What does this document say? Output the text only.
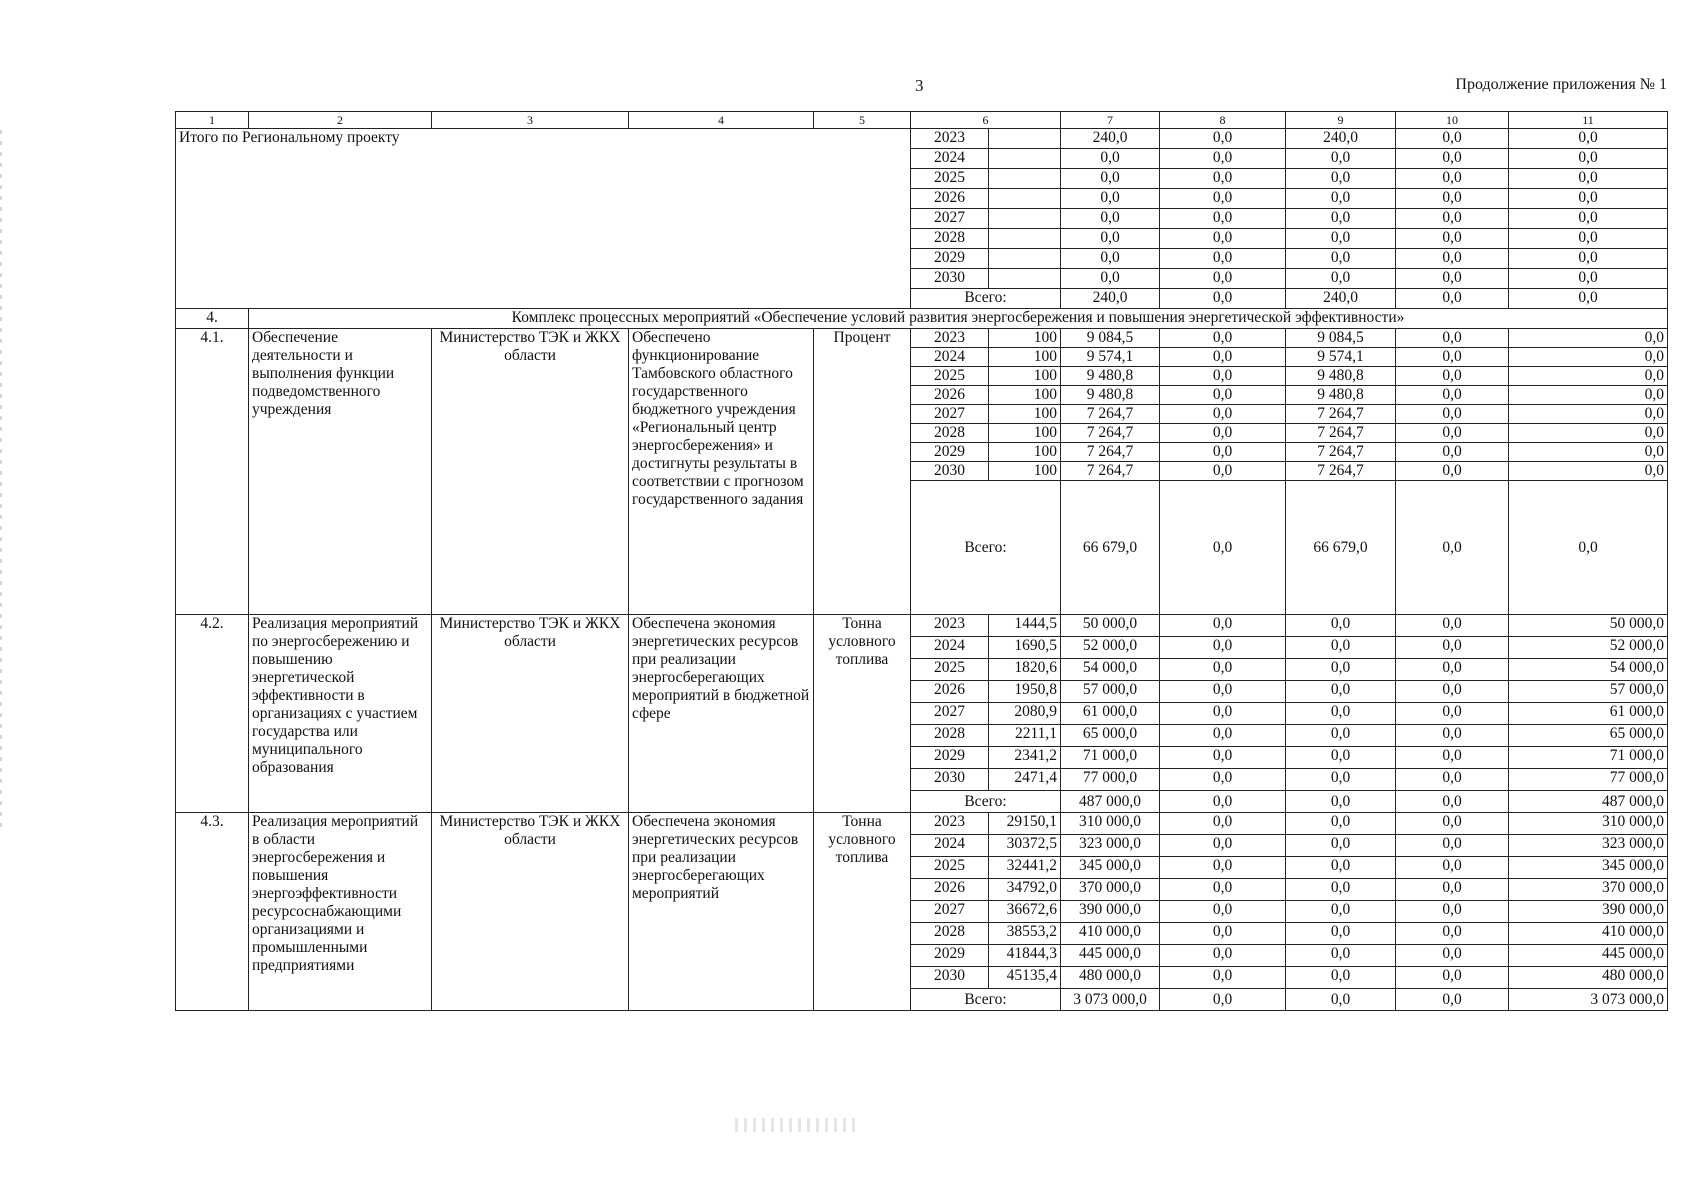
3	Продолжение приложения № 1
1	2	3	4	5	6		7	8	9	10	11
Итого по Региональному проекту					2023		240,0	0,0	240,0	0,0	0,0
					2024		0,0	0,0	0,0	0,0	0,0
					2025		0,0	0,0	0,0	0,0	0,0
					2026		0,0	0,0	0,0	0,0	0,0
					2027		0,0	0,0	0,0	0,0	0,0
					2028		0,0	0,0	0,0	0,0	0,0
					2029		0,0	0,0	0,0	0,0	0,0
					2030		0,0	0,0	0,0	0,0	0,0
					Всего:		240,0	0,0	240,0	0,0	0,0
4.	Комплекс процессных мероприятий «Обеспечение условий развития энергосбережения и повышения энергетической эффективности»										
4.1.	Обеспечение деятельности и выполнения функции подведомственного учреждения	Министерство ТЭК и ЖКХ области	Обеспечено функционирование Тамбовского областного государственного бюджетного учреждения «Региональный центр энергосбережения» и достигнуты результаты в соответствии с прогнозом государственного задания	Процент	2023	100	9 084,5	0,0	9 084,5	0,0	0,0
					2024	100	9 574,1	0,0	9 574,1	0,0	0,0
					2025	100	9 480,8	0,0	9 480,8	0,0	0,0
					2026	100	9 480,8	0,0	9 480,8	0,0	0,0
					2027	100	7 264,7	0,0	7 264,7	0,0	0,0
					2028	100	7 264,7	0,0	7 264,7	0,0	0,0
					2029	100	7 264,7	0,0	7 264,7	0,0	0,0
					2030	100	7 264,7	0,0	7 264,7	0,0	0,0
					Всего:		66 679,0	0,0	66 679,0	0,0	0,0
4.2.	Реализация мероприятий по энергосбережению и повышению энергетической эффективности в организациях с участием государства или муниципального образования	Министерство ТЭК и ЖКХ области	Обеспечена экономия энергетических ресурсов при реализации энергосберегающих мероприятий в бюджетной сфере	Тонна условного топлива	2023	1444,5	50 000,0	0,0	0,0	0,0	50 000,0
					2024	1690,5	52 000,0	0,0	0,0	0,0	52 000,0
					2025	1820,6	54 000,0	0,0	0,0	0,0	54 000,0
					2026	1950,8	57 000,0	0,0	0,0	0,0	57 000,0
					2027	2080,9	61 000,0	0,0	0,0	0,0	61 000,0
					2028	2211,1	65 000,0	0,0	0,0	0,0	65 000,0
					2029	2341,2	71 000,0	0,0	0,0	0,0	71 000,0
					2030	2471,4	77 000,0	0,0	0,0	0,0	77 000,0
					Всего:		487 000,0	0,0	0,0	0,0	487 000,0
4.3.	Реализация мероприятий в области энергосбережения и повышения энергоэффективности ресурсоснабжающими организациями и промышленными предприятиями	Министерство ТЭК и ЖКХ области	Обеспечена экономия энергетических ресурсов при реализации энергосберегающих мероприятий	Тонна условного топлива	2023	29150,1	310 000,0	0,0	0,0	0,0	310 000,0
					2024	30372,5	323 000,0	0,0	0,0	0,0	323 000,0
					2025	32441,2	345 000,0	0,0	0,0	0,0	345 000,0
					2026	34792,0	370 000,0	0,0	0,0	0,0	370 000,0
					2027	36672,6	390 000,0	0,0	0,0	0,0	390 000,0
					2028	38553,2	410 000,0	0,0	0,0	0,0	410 000,0
					2029	41844,3	445 000,0	0,0	0,0	0,0	445 000,0
					2030	45135,4	480 000,0	0,0	0,0	0,0	480 000,0
					Всего:		3 073 000,0	0,0	0,0	0,0	3 073 000,0
